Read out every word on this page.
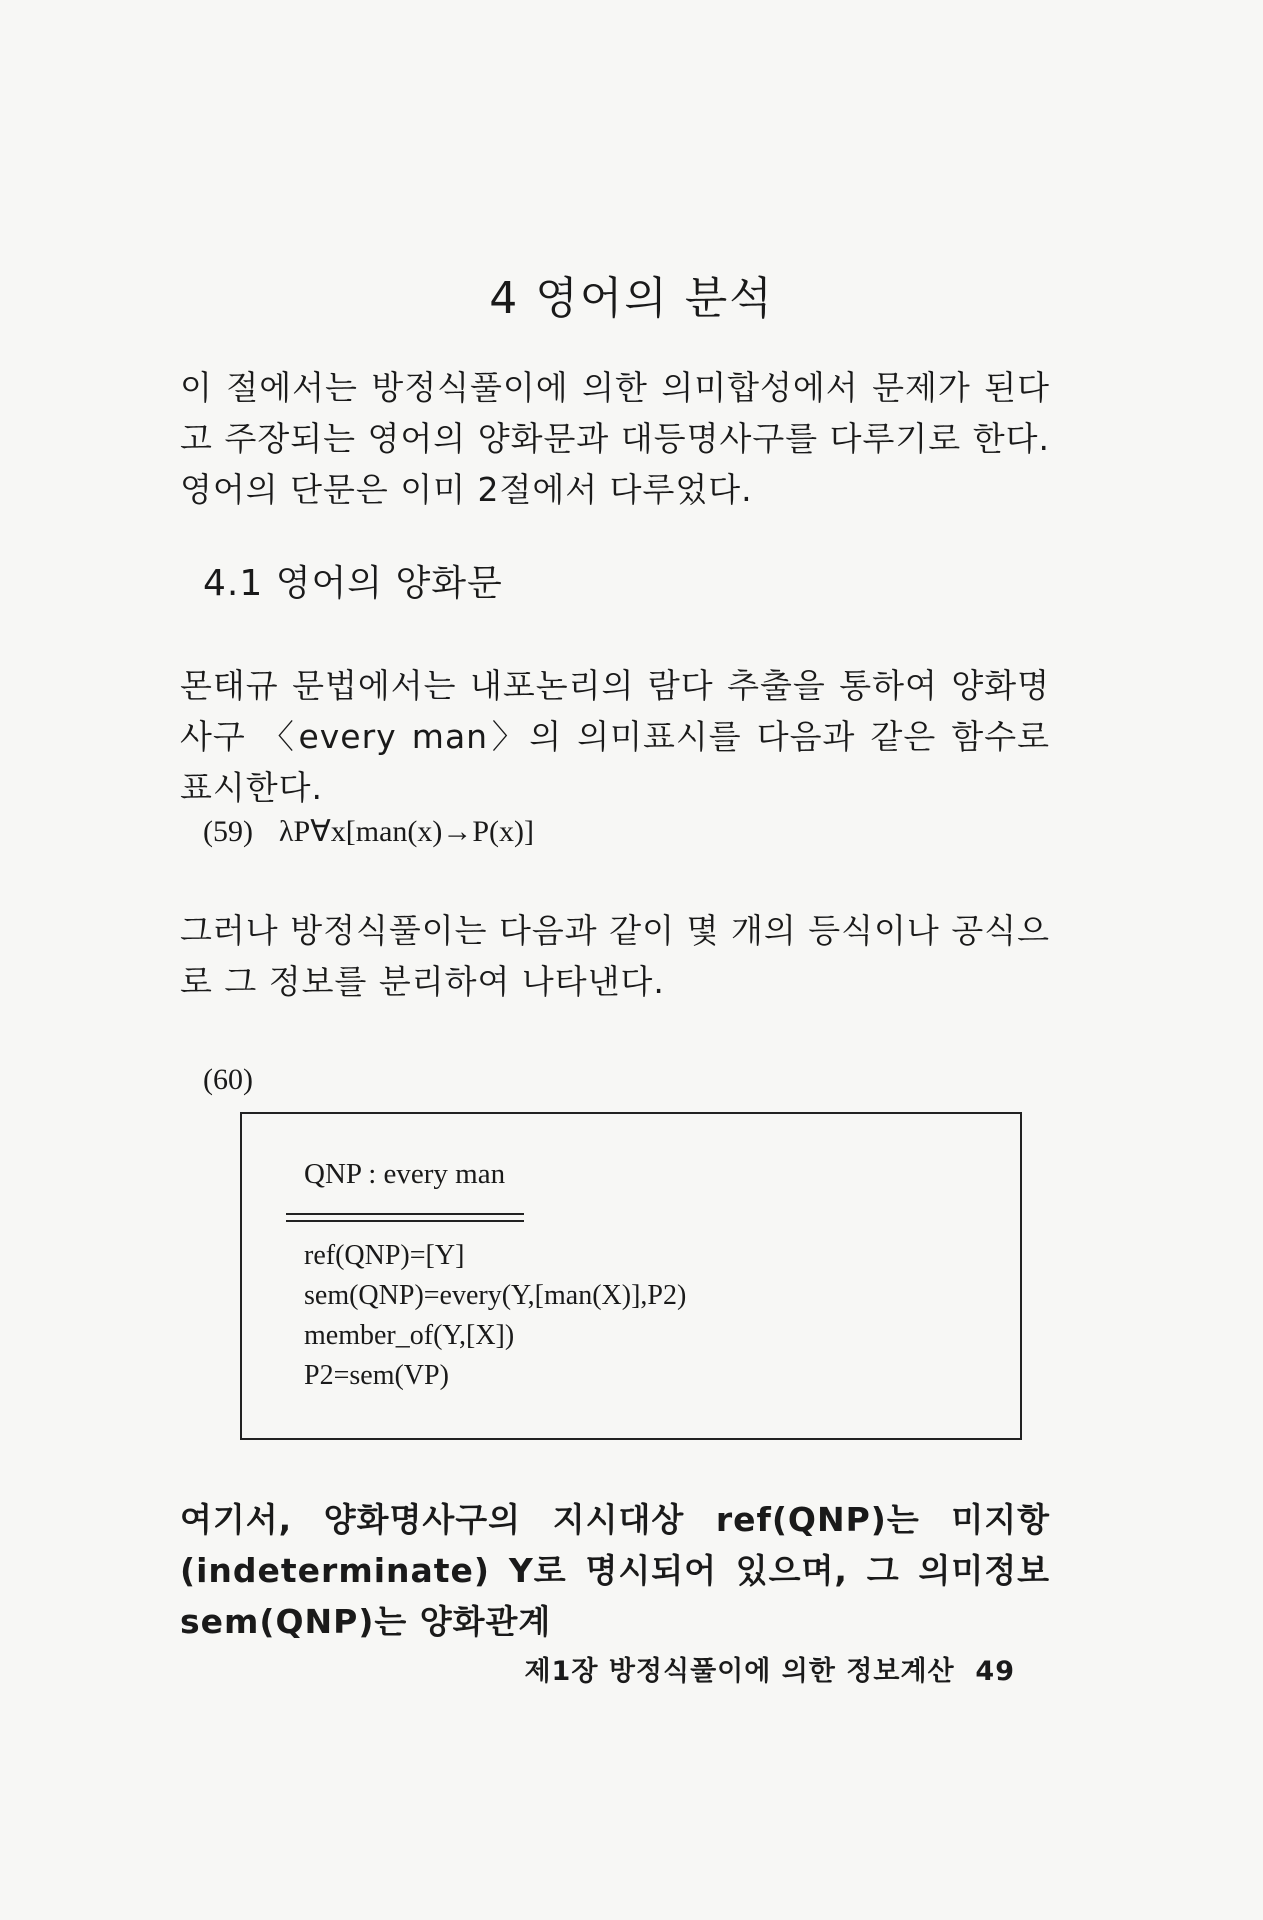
4 영어의 분석
이 절에서는 방정식풀이에 의한 의미합성에서 문제가 된다고 주장되는 영어의 양화문과 대등명사구를 다루기로 한다. 영어의 단문은 이미 2절에서 다루었다.
4.1 영어의 양화문
몬태규 문법에서는 내포논리의 람다 추출을 통하여 양화명사구 〈every man〉의 의미표시를 다음과 같은 함수로 표시한다.
(59) λP∀x[man(x)→P(x)]
그러나 방정식풀이는 다음과 같이 몇 개의 등식이나 공식으로 그 정보를 분리하여 나타낸다.
(60)
QNP : every man
ref(QNP)=[Y]
sem(QNP)=every(Y,[man(X)],P2)
member_of(Y,[X])
P2=sem(VP)
여기서, 양화명사구의 지시대상 ref(QNP)는 미지항(indeterminate) Y로 명시되어 있으며, 그 의미정보 sem(QNP)는 양화관계
제1장 방정식풀이에 의한 정보계산 49
